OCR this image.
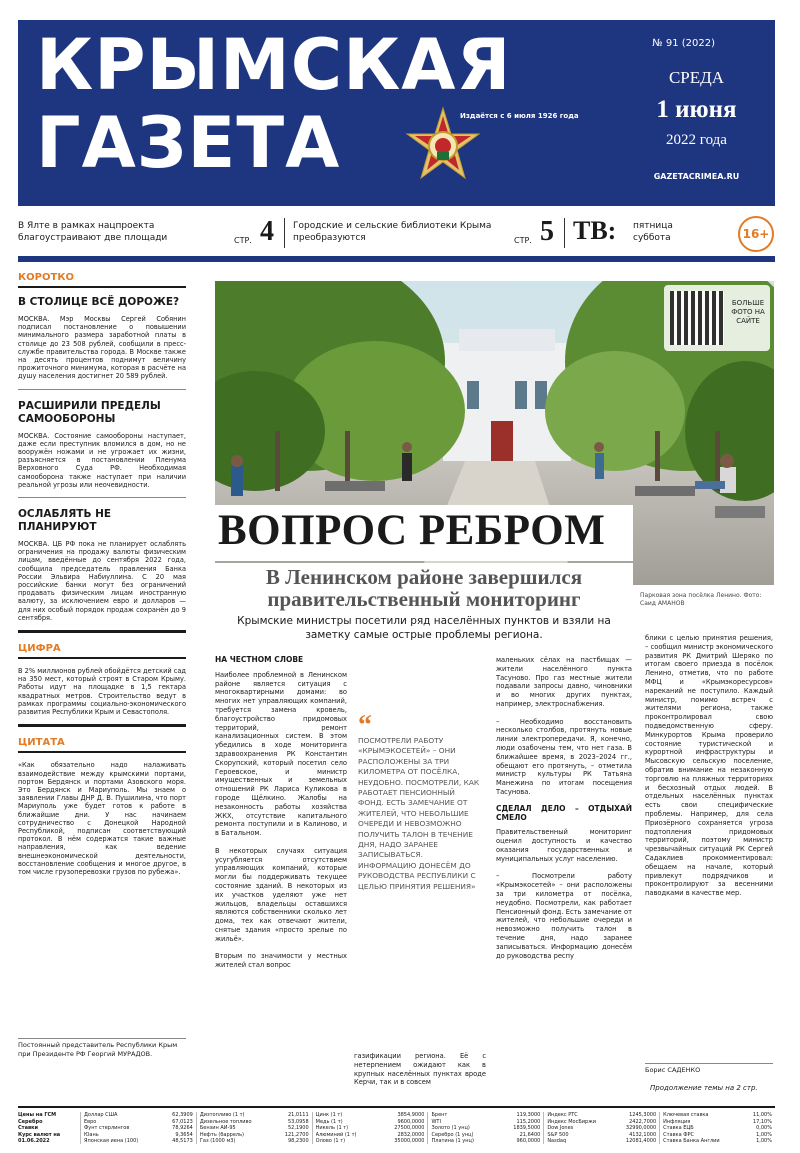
КРЫМСКАЯ
ГАЗЕТА	Издаётся с 6 июля 1926 года
№ 91 (2022)
СРЕДА
1 июня
2022 года
GAZETACRIMEA.RU
В Ялте в рамках нацпроекта благоустраивают две площади	СТР. 4 Городские и сельские библиотеки Крыма преобразуются	СТР. 5 ТВ: пятница
суббота	16+
КОРОТКО
В СТОЛИЦЕ ВСЁ ДОРОЖЕ?
МОСКВА. Мэр Москвы Сергей Собянин подписал постановление о повышении минимального размера заработной платы в столице до 23 508 рублей, сообщили в пресс-службе правительства города. В Москве также на десять процентов поднимут величину прожиточного минимума, которая в расчёте на душу населения достигнет 20 589 рублей.
РАСШИРИЛИ ПРЕДЕЛЫ САМООБОРОНЫ
МОСКВА. Состояние самообороны наступает, даже если преступник вломился в дом, но не вооружён ножами и не угрожает их жизни, разъясняется в постановлении Пленума Верховного Суда РФ. Необходимая самооборона также наступает при наличии реальной угрозы или неочевидности.
ОСЛАБЛЯТЬ НЕ ПЛАНИРУЮТ
МОСКВА. ЦБ РФ пока не планирует ослаблять ограничения на продажу валюты физическим лицам, введённые до сентября 2022 года, сообщила председатель правления Банка России Эльвира Набиуллина. С 20 мая российские банки могут без ограничений продавать физическим лицам иностранную валюту, за исключением евро и долларов — для них особый порядок продаж сохранён до 9 сентября.
ЦИФРА
В 2% миллионов рублей обойдётся детский сад на 350 мест, который строят в Старом Крыму. Работы идут на площадке в 1,5 гектара квадратных метров. Строительство ведут в рамках программы социально-экономического развития Республики Крым и Севастополя.
ЦИТАТА
«Как обязательно надо налаживать взаимодействие между крымскими портами, портом Бердянск и портами Азовского моря. Это Бердянск и Мариуполь. Мы знаем о заявлении Главы ДНР Д. В. Пушилина, что порт Мариуполь уже будет готов к работе в ближайшие дни. У нас начинаем сотрудничество с Донецкой Народной Республикой, подписан соответствующий протокол. В нём содержатся такие важные направления, как ведение внешнеэкономической деятельности, восстановление сообщения и многое другое, в том числе грузоперевозки грузов по рубежа».
Постоянный представитель Республики Крым при Президенте РФ Георгий МУРАДОВ.
БОЛЬШЕ ФОТО НА САЙТЕ
ВОПРОС РЕБРОМ
В Ленинском районе завершился правительственный мониторинг	Парковая зона посёлка Ленино. Фото: Саид АМАНОВ
Крымские министры посетили ряд населённых пунктов и взяли на заметку самые острые проблемы региона.
НА ЧЕСТНОМ СЛОВЕ
Наиболее проблемной в Ленинском районе является ситуация с многоквартирными домами: во многих нет управляющих компаний, требуется замена кровель, благоустройство придомовых территорий, ремонт канализационных систем. В этом убедились в ходе мониторинга здравоохранения РК Константин Скорупский, который посетил село Героевское, и министр имущественных и земельных отношений РК Лариса Куликова в городе Щёлкино. Жалобы на незаконность работы хозяйства ЖКХ, отсутствие капитального ремонта поступили и в Калиново, и в Батальном.

В некоторых случаях ситуация усугубляется отсутствием управляющих компаний, которые могли бы поддерживать текущее состояние зданий. В некоторых из их участков уделяют уже нет жильцов, владельцы оставшихся являются собственники сколько лет дома, тех как отвечают жители, снятые здания «просто зрелые по жильё».

Вторым по значимости у местных жителей стал вопрос
“
ПОСМОТРЕЛИ РАБОТУ «КРЫМЭКОСЕТЕЙ» – ОНИ РАСПОЛОЖЕНЫ ЗА ТРИ КИЛОМЕТРА ОТ ПОСЁЛКА, НЕУДОБНО. ПОСМОТРЕЛИ, КАК РАБОТАЕТ ПЕНСИОННЫЙ ФОНД. ЕСТЬ ЗАМЕЧАНИЕ ОТ ЖИТЕЛЕЙ, ЧТО НЕБОЛЬШИЕ ОЧЕРЕДИ И НЕВОЗМОЖНО ПОЛУЧИТЬ ТАЛОН В ТЕЧЕНИЕ ДНЯ, НАДО ЗАРАНЕЕ ЗАПИСЫВАТЬСЯ. ИНФОРМАЦИЮ ДОНЕСЁМ ДО РУКОВОДСТВА РЕСПУБЛИКИ С ЦЕЛЬЮ ПРИНЯТИЯ РЕШЕНИЯ»
газификации региона. Её с нетерпением ожидают как в крупных населённых пунктах вроде Керчи, так и в совсем
маленьких сёлах на пастбищах — жители населённого пункта Тасуново. Про газ местные жители подавали запросы давно, чиновники и во многих других пунктах, например, электроснабжения.

– Необходимо восстановить несколько столбов, протянуть новые линии электропередачи. Я, конечно, люди озабочены тем, что нет газа. В ближайшее время, в 2023–2024 гг., обещают его протянуть, – отметила министр культуры РК Татьяна Манежина по итогам посещения Тасунова.
СДЕЛАЛ ДЕЛО – ОТДЫХАЙ СМЕЛО
Правительственный мониторинг оценил доступность и качество оказания государственных и муниципальных услуг населению.

– Посмотрели работу «Крымэкосетей» – они расположены за три километра от посёлка, неудобно. Посмотрели, как работает Пенсионный фонд. Есть замечание от жителей, что небольшие очереди и невозможно получить талон в течение дня, надо заранее записываться. Информацию донесём до руководства респу
блики с целью принятия решения, – сообщил министр экономического развития РК Дмитрий Шеряко по итогам своего приезда в посёлок Ленино, отметив, что по работе МФЦ и «Крымэкоресурсов» нареканий не поступило. Каждый министр, помимо встреч с жителями региона, также проконтролировал свою подведомственную сферу. Минкурортов Крыма проверило состояние туристической и курортной инфраструктуры и Мысовскую сельскую поселение, обратив внимание на незаконную торговлю на пляжных территориях и бесхозный отдых людей. В отдельных населённых пунктах есть свои специфические проблемы. Например, для села Приозёрного сохраняется угроза подтопления придомовых территорий, поэтому министр чрезвычайных ситуаций РК Сергей Садаклиев прокомментировал: обещаем на начале, который привлекут подрядчиков и проконтролируют за весенними паводками в качестве мер.
Борис САДЕНКО
Продолжение темы на 2 стр.
Цены на ГСМ
Серебро
Ставки
Курс валют на 01.06.2022
Доллар США	62,3909
Евро	67,0123
Фунт стерлингов	78,9264
Юань	9,3654
Японская иена (100)	48,5173
Дизтопливо (1 т)	21,0111
Дизельное топливо	53,0958
Бензин АИ-95	52,1900
Нефть (баррель)	121,2700
Газ (1000 м3)	98,2300
Цинк (1 т)	3854,9000
Медь (1 т)	9600,0000
Никель (1 т)	27500,0000
Алюминий (1 т)	2832,0000
Олово (1 т)	35000,0000
Брент	119,3000
WTI	115,2000
Золото (1 унц)	1839,5000
Серебро (1 унц)	21,6400
Платина (1 унц)	960,0000
Индекс РТС	1245,3000
Индекс МосБиржи	2422,7000
Dow Jones	32990,0000
S&P 500	4132,1000
Nasdaq	12081,4000
Ключевая ставка	11,00%
Инфляция	17,10%
Ставка ЕЦБ	0,00%
Ставка ФРС	1,00%
Ставка Банка Англии	1,00%
